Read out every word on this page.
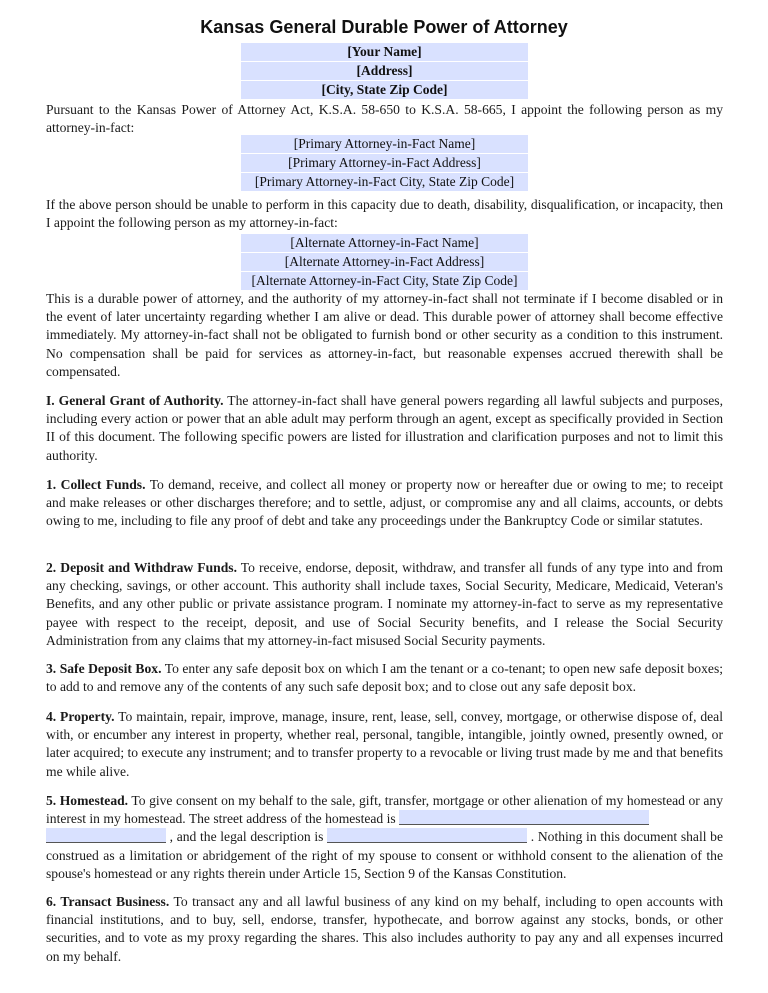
Kansas General Durable Power of Attorney
[Your Name]
[Address]
[City, State Zip Code]
Pursuant to the Kansas Power of Attorney Act, K.S.A. 58-650 to K.S.A. 58-665, I appoint the following person as my attorney-in-fact:
[Primary Attorney-in-Fact Name]
[Primary Attorney-in-Fact Address]
[Primary Attorney-in-Fact City, State Zip Code]
If the above person should be unable to perform in this capacity due to death, disability, disqualification, or incapacity, then I appoint the following person as my attorney-in-fact:
[Alternate Attorney-in-Fact Name]
[Alternate Attorney-in-Fact Address]
[Alternate Attorney-in-Fact City, State Zip Code]
This is a durable power of attorney, and the authority of my attorney-in-fact shall not terminate if I become disabled or in the event of later uncertainty regarding whether I am alive or dead. This durable power of attorney shall become effective immediately. My attorney-in-fact shall not be obligated to furnish bond or other security as a condition to this instrument. No compensation shall be paid for services as attorney-in-fact, but reasonable expenses accrued therewith shall be compensated.
I. General Grant of Authority. The attorney-in-fact shall have general powers regarding all lawful subjects and purposes, including every action or power that an able adult may perform through an agent, except as specifically provided in Section II of this document. The following specific powers are listed for illustration and clarification purposes and not to limit this authority.
1. Collect Funds. To demand, receive, and collect all money or property now or hereafter due or owing to me; to receipt and make releases or other discharges therefore; and to settle, adjust, or compromise any and all claims, accounts, or debts owing to me, including to file any proof of debt and take any proceedings under the Bankruptcy Code or similar statutes.
2. Deposit and Withdraw Funds. To receive, endorse, deposit, withdraw, and transfer all funds of any type into and from any checking, savings, or other account. This authority shall include taxes, Social Security, Medicare, Medicaid, Veteran's Benefits, and any other public or private assistance program. I nominate my attorney-in-fact to serve as my representative payee with respect to the receipt, deposit, and use of Social Security benefits, and I release the Social Security Administration from any claims that my attorney-in-fact misused Social Security payments.
3. Safe Deposit Box. To enter any safe deposit box on which I am the tenant or a co-tenant; to open new safe deposit boxes; to add to and remove any of the contents of any such safe deposit box; and to close out any safe deposit box.
4. Property. To maintain, repair, improve, manage, insure, rent, lease, sell, convey, mortgage, or otherwise dispose of, deal with, or encumber any interest in property, whether real, personal, tangible, intangible, jointly owned, presently owned, or later acquired; to execute any instrument; and to transfer property to a revocable or living trust made by me and that benefits me while alive.
5. Homestead. To give consent on my behalf to the sale, gift, transfer, mortgage or other alienation of my homestead or any interest in my homestead. The street address of the homestead is
, and the legal description is	. Nothing in this document shall be construed as a limitation or abridgement of the right of my spouse to consent or withhold consent to the alienation of the spouse's homestead or any rights therein under Article 15, Section 9 of the Kansas Constitution.
6. Transact Business. To transact any and all lawful business of any kind on my behalf, including to open accounts with financial institutions, and to buy, sell, endorse, transfer, hypothecate, and borrow against any stocks, bonds, or other securities, and to vote as my proxy regarding the shares. This also includes authority to pay any and all expenses incurred on my behalf.
